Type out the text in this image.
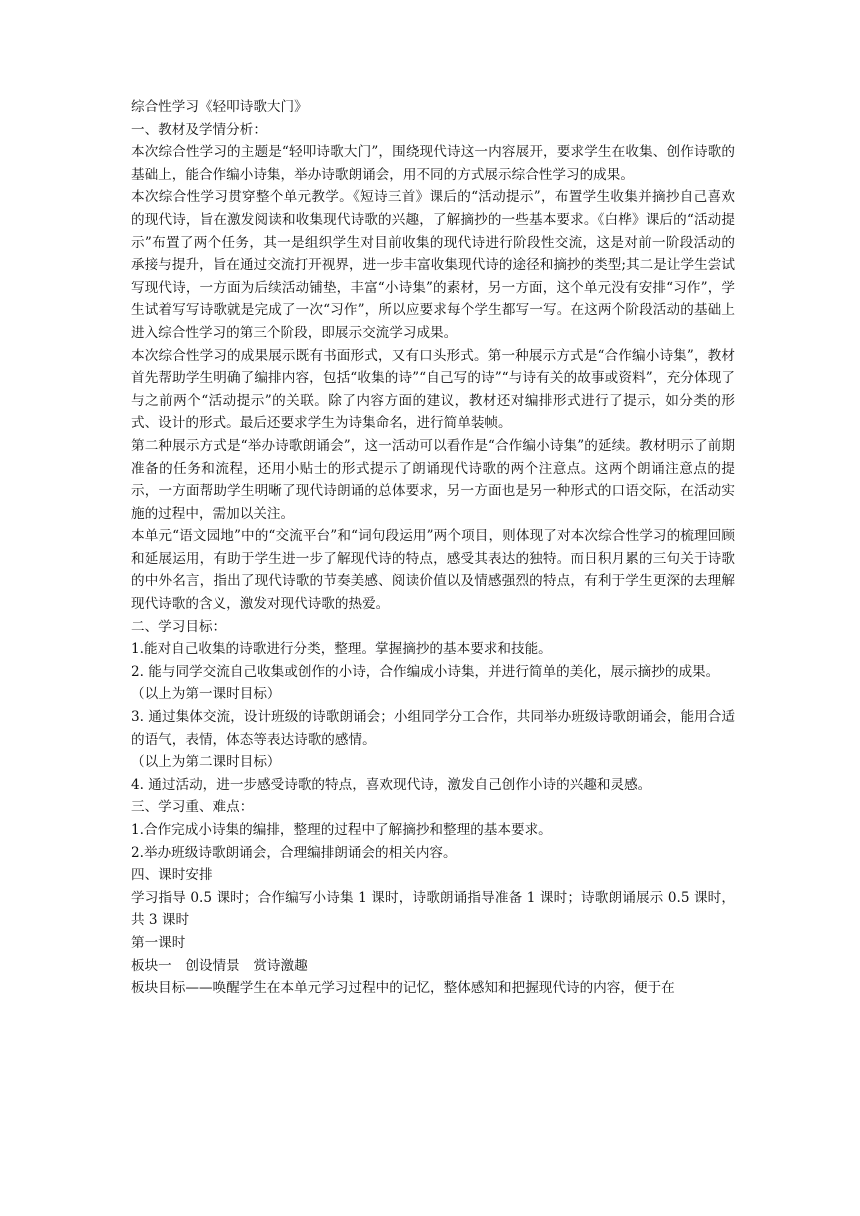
综合性学习《轻叩诗歌大门》

一、教材及学情分析：

本次综合性学习的主题是“轻叩诗歌大门”，围绕现代诗这一内容展开，要求学生在收集、创作诗歌的基础上，能合作编小诗集，举办诗歌朗诵会，用不同的方式展示综合性学习的成果。

本次综合性学习贯穿整个单元教学。《短诗三首》课后的“活动提示”，布置学生收集并摘抄自己喜欢的现代诗，旨在激发阅读和收集现代诗歌的兴趣，了解摘抄的一些基本要求。《白桦》课后的“活动提示”布置了两个任务，其一是组织学生对目前收集的现代诗进行阶段性交流，这是对前一阶段活动的承接与提升，旨在通过交流打开视界，进一步丰富收集现代诗的途径和摘抄的类型;其二是让学生尝试写现代诗，一方面为后续活动铺垫，丰富“小诗集”的素材，另一方面，这个单元没有安排“习作”，学生试着写写诗歌就是完成了一次“习作”，所以应要求每个学生都写一写。在这两个阶段活动的基础上进入综合性学习的第三个阶段，即展示交流学习成果。

本次综合性学习的成果展示既有书面形式，又有口头形式。第一种展示方式是“合作编小诗集”，教材首先帮助学生明确了编排内容，包括“收集的诗”“自己写的诗”“与诗有关的故事或资料”，充分体现了与之前两个“活动提示”的关联。除了内容方面的建议，教材还对编排形式进行了提示，如分类的形式、设计的形式。最后还要求学生为诗集命名，进行简单装帧。

第二种展示方式是“举办诗歌朗诵会”，这一活动可以看作是“合作编小诗集”的延续。教材明示了前期准备的任务和流程，还用小贴士的形式提示了朗诵现代诗歌的两个注意点。这两个朗诵注意点的提示，一方面帮助学生明晰了现代诗朗诵的总体要求，另一方面也是另一种形式的口语交际，在活动实施的过程中，需加以关注。

本单元“语文园地”中的“交流平台”和“词句段运用”两个项目，则体现了对本次综合性学习的梳理回顾和延展运用，有助于学生进一步了解现代诗的特点，感受其表达的独特。而日积月累的三句关于诗歌的中外名言，指出了现代诗歌的节奏美感、阅读价值以及情感强烈的特点，有利于学生更深的去理解现代诗歌的含义，激发对现代诗歌的热爱。

二、学习目标：

1.能对自己收集的诗歌进行分类，整理。掌握摘抄的基本要求和技能。

2. 能与同学交流自己收集或创作的小诗，合作编成小诗集，并进行简单的美化，展示摘抄的成果。

（以上为第一课时目标）

3. 通过集体交流，设计班级的诗歌朗诵会；小组同学分工合作，共同举办班级诗歌朗诵会，能用合适的语气，表情，体态等表达诗歌的感情。

（以上为第二课时目标）

4. 通过活动，进一步感受诗歌的特点，喜欢现代诗，激发自己创作小诗的兴趣和灵感。

三、学习重、难点：

1.合作完成小诗集的编排，整理的过程中了解摘抄和整理的基本要求。

2.举办班级诗歌朗诵会，合理编排朗诵会的相关内容。

四、课时安排

学习指导 0.5 课时；合作编写小诗集 1 课时，诗歌朗诵指导准备 1 课时；诗歌朗诵展示 0.5 课时，共 3 课时

第一课时

板块一　创设情景　赏诗激趣

板块目标——唤醒学生在本单元学习过程中的记忆，整体感知和把握现代诗的内容，便于在
